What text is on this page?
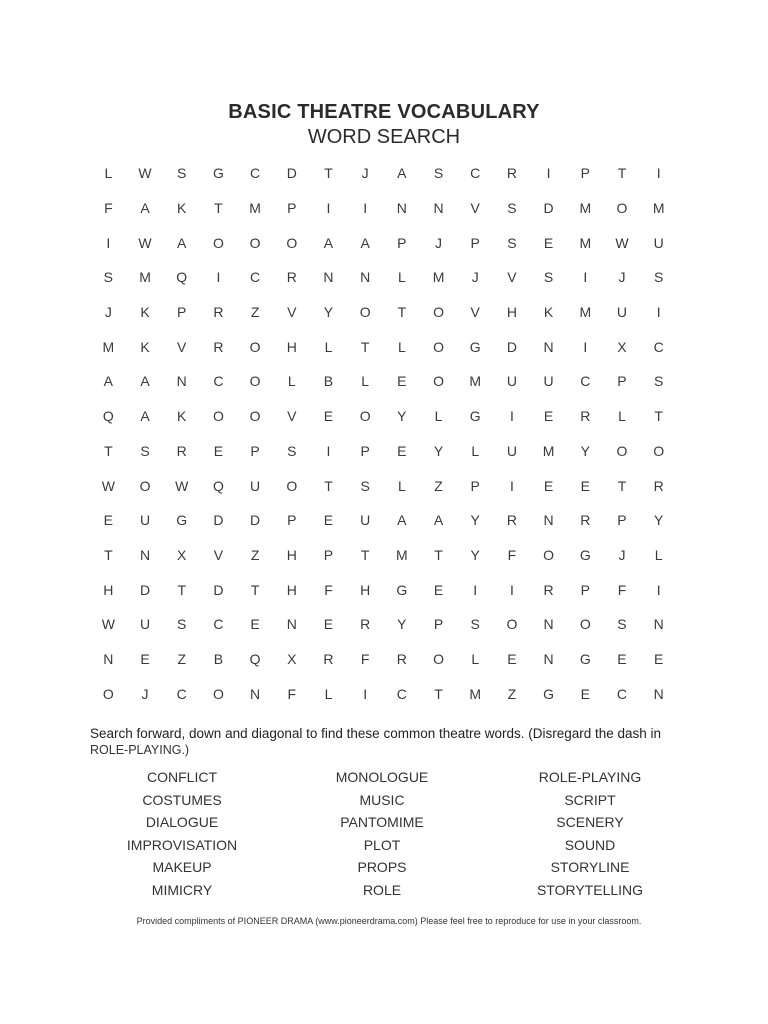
BASIC THEATRE VOCABULARY
WORD SEARCH
L	W	S	G	C	D	T	J	A	S	C	R	I	P	T	I
F	A	K	T	M	P	I	I	N	N	V	S	D	M	O	M
I	W	A	O	O	O	A	A	P	J	P	S	E	M	W	U
S	M	Q	I	C	R	N	N	L	M	J	V	S	I	J	S
J	K	P	R	Z	V	Y	O	T	O	V	H	K	M	U	I
M	K	V	R	O	H	L	T	L	O	G	D	N	I	X	C
A	A	N	C	O	L	B	L	E	O	M	U	U	C	P	S
Q	A	K	O	O	V	E	O	Y	L	G	I	E	R	L	T
T	S	R	E	P	S	I	P	E	Y	L	U	M	Y	O	O
W	O	W	Q	U	O	T	S	L	Z	P	I	E	E	T	R
E	U	G	D	D	P	E	U	A	A	Y	R	N	R	P	Y
T	N	X	V	Z	H	P	T	M	T	Y	F	O	G	J	L
H	D	T	D	T	H	F	H	G	E	I	I	R	P	F	I
W	U	S	C	E	N	E	R	Y	P	S	O	N	O	S	N
N	E	Z	B	Q	X	R	F	R	O	L	E	N	G	E	E
O	J	C	O	N	F	L	I	C	T	M	Z	G	E	C	N
Search forward, down and diagonal to find these common theatre words. (Disregard the dash in
ROLE-PLAYING.)
CONFLICT
COSTUMES
DIALOGUE
IMPROVISATION
MAKEUP
MIMICRY
MONOLOGUE
MUSIC
PANTOMIME
PLOT
PROPS
ROLE
ROLE-PLAYING
SCRIPT
SCENERY
SOUND
STORYLINE
STORYTELLING
Provided compliments of PIONEER DRAMA (www.pioneerdrama.com) Please feel free to reproduce for use in your classroom.
